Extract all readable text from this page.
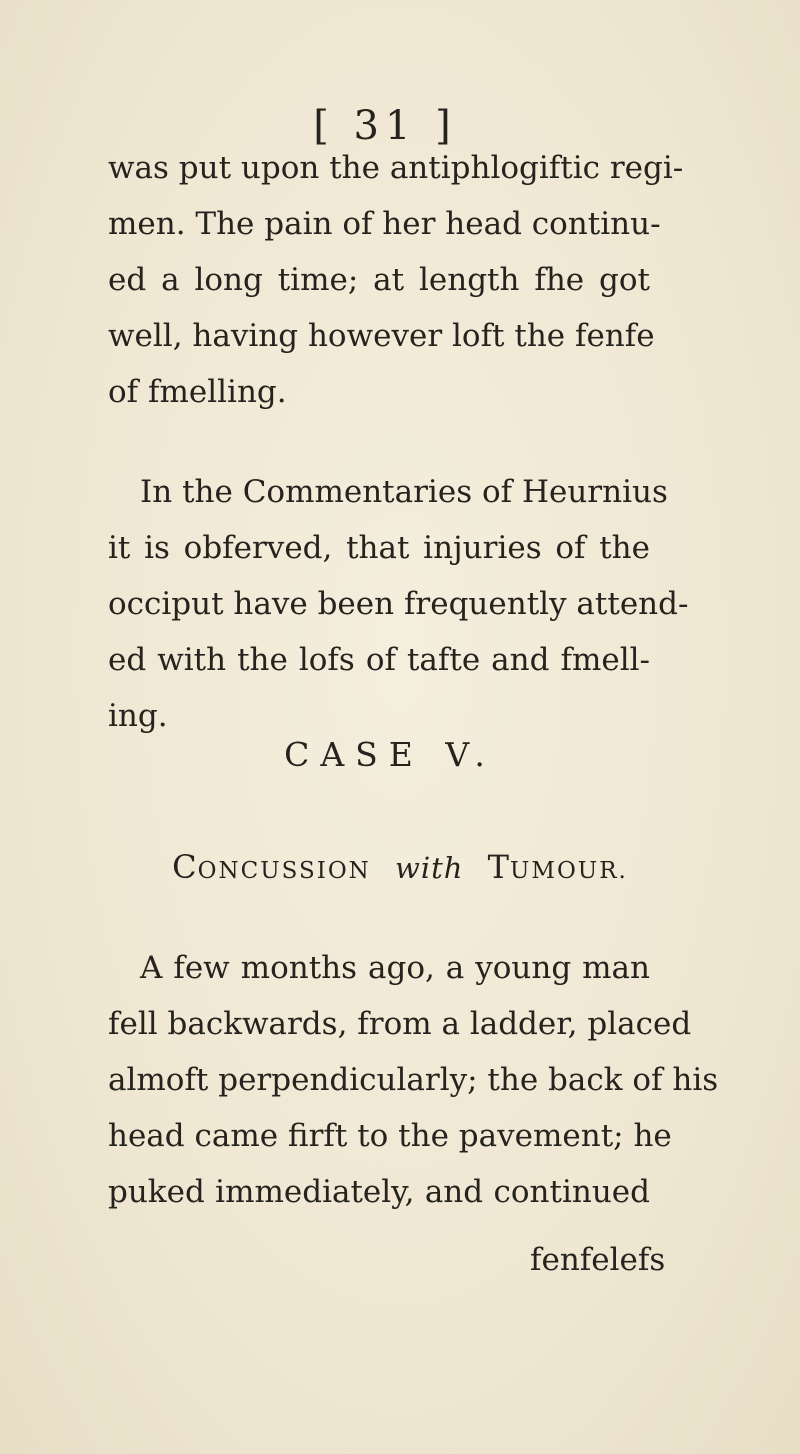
[ 31 ]
was put upon the antiphlogiftic regi-
men. The pain of her head continu-
ed a long time; at length fhe got
well, having however loft the fenfe
of fmelling.
In the Commentaries of Heurnius
it is obferved, that injuries of the
occiput have been frequently attend-
ed with the lofs of tafte and fmell-
ing.
CASE V.
CONCUSSION with TUMOUR.
A few months ago, a young man
fell backwards, from a ladder, placed
almoft perpendicularly; the back of his
head came firft to the pavement; he
puked immediately, and continued
fenfelefs
